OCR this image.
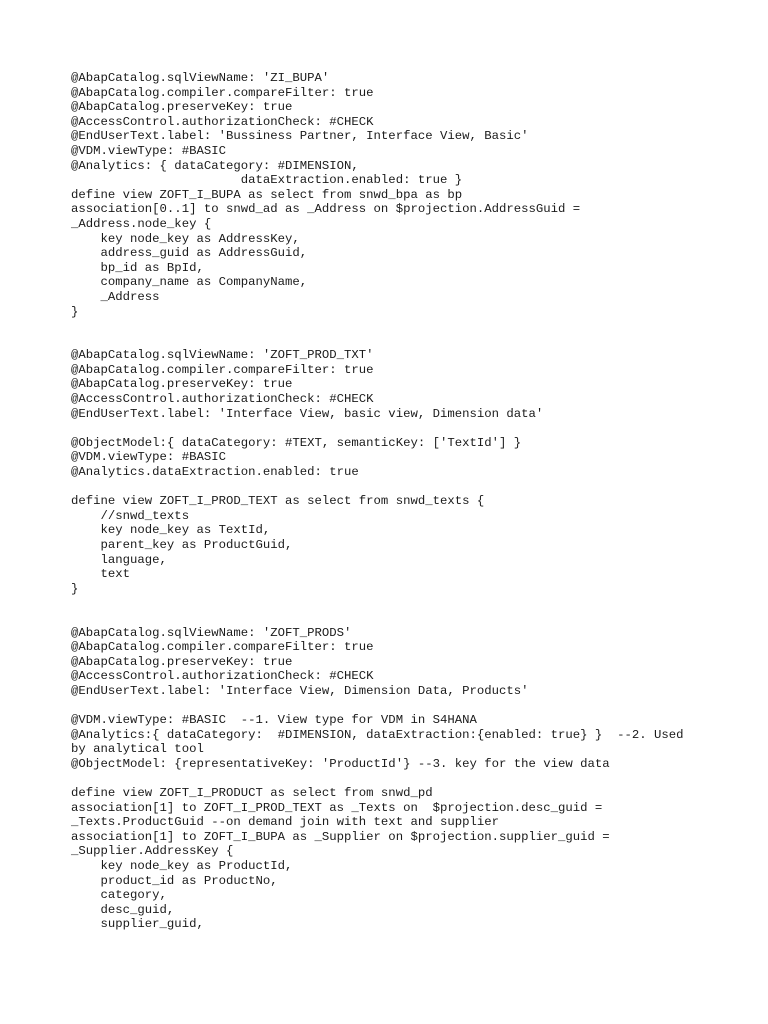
@AbapCatalog.sqlViewName: 'ZI_BUPA'
@AbapCatalog.compiler.compareFilter: true
@AbapCatalog.preserveKey: true
@AccessControl.authorizationCheck: #CHECK
@EndUserText.label: 'Bussiness Partner, Interface View, Basic'
@VDM.viewType: #BASIC
@Analytics: { dataCategory: #DIMENSION,
dataExtraction.enabled: true }
define view ZOFT_I_BUPA as select from snwd_bpa as bp
association[0..1] to snwd_ad as _Address on $projection.AddressGuid =
_Address.node_key {
key node_key as AddressKey,
address_guid as AddressGuid,
bp_id as BpId,
company_name as CompanyName,
_Address
}

@AbapCatalog.sqlViewName: 'ZOFT_PROD_TXT'
@AbapCatalog.compiler.compareFilter: true
@AbapCatalog.preserveKey: true
@AccessControl.authorizationCheck: #CHECK
@EndUserText.label: 'Interface View, basic view, Dimension data'

@ObjectModel:{ dataCategory: #TEXT, semanticKey: ['TextId'] }
@VDM.viewType: #BASIC
@Analytics.dataExtraction.enabled: true

define view ZOFT_I_PROD_TEXT as select from snwd_texts {
//snwd_texts
key node_key as TextId,
parent_key as ProductGuid,
language,
text
}

@AbapCatalog.sqlViewName: 'ZOFT_PRODS'
@AbapCatalog.compiler.compareFilter: true
@AbapCatalog.preserveKey: true
@AccessControl.authorizationCheck: #CHECK
@EndUserText.label: 'Interface View, Dimension Data, Products'

@VDM.viewType: #BASIC  --1. View type for VDM in S4HANA
@Analytics:{ dataCategory:  #DIMENSION, dataExtraction:{enabled: true} }  --2. Used
by analytical tool
@ObjectModel: {representativeKey: 'ProductId'} --3. key for the view data

define view ZOFT_I_PRODUCT as select from snwd_pd
association[1] to ZOFT_I_PROD_TEXT as _Texts on  $projection.desc_guid =
_Texts.ProductGuid --on demand join with text and supplier
association[1] to ZOFT_I_BUPA as _Supplier on $projection.supplier_guid =
_Supplier.AddressKey {
key node_key as ProductId,
product_id as ProductNo,
category,
desc_guid,
supplier_guid,
